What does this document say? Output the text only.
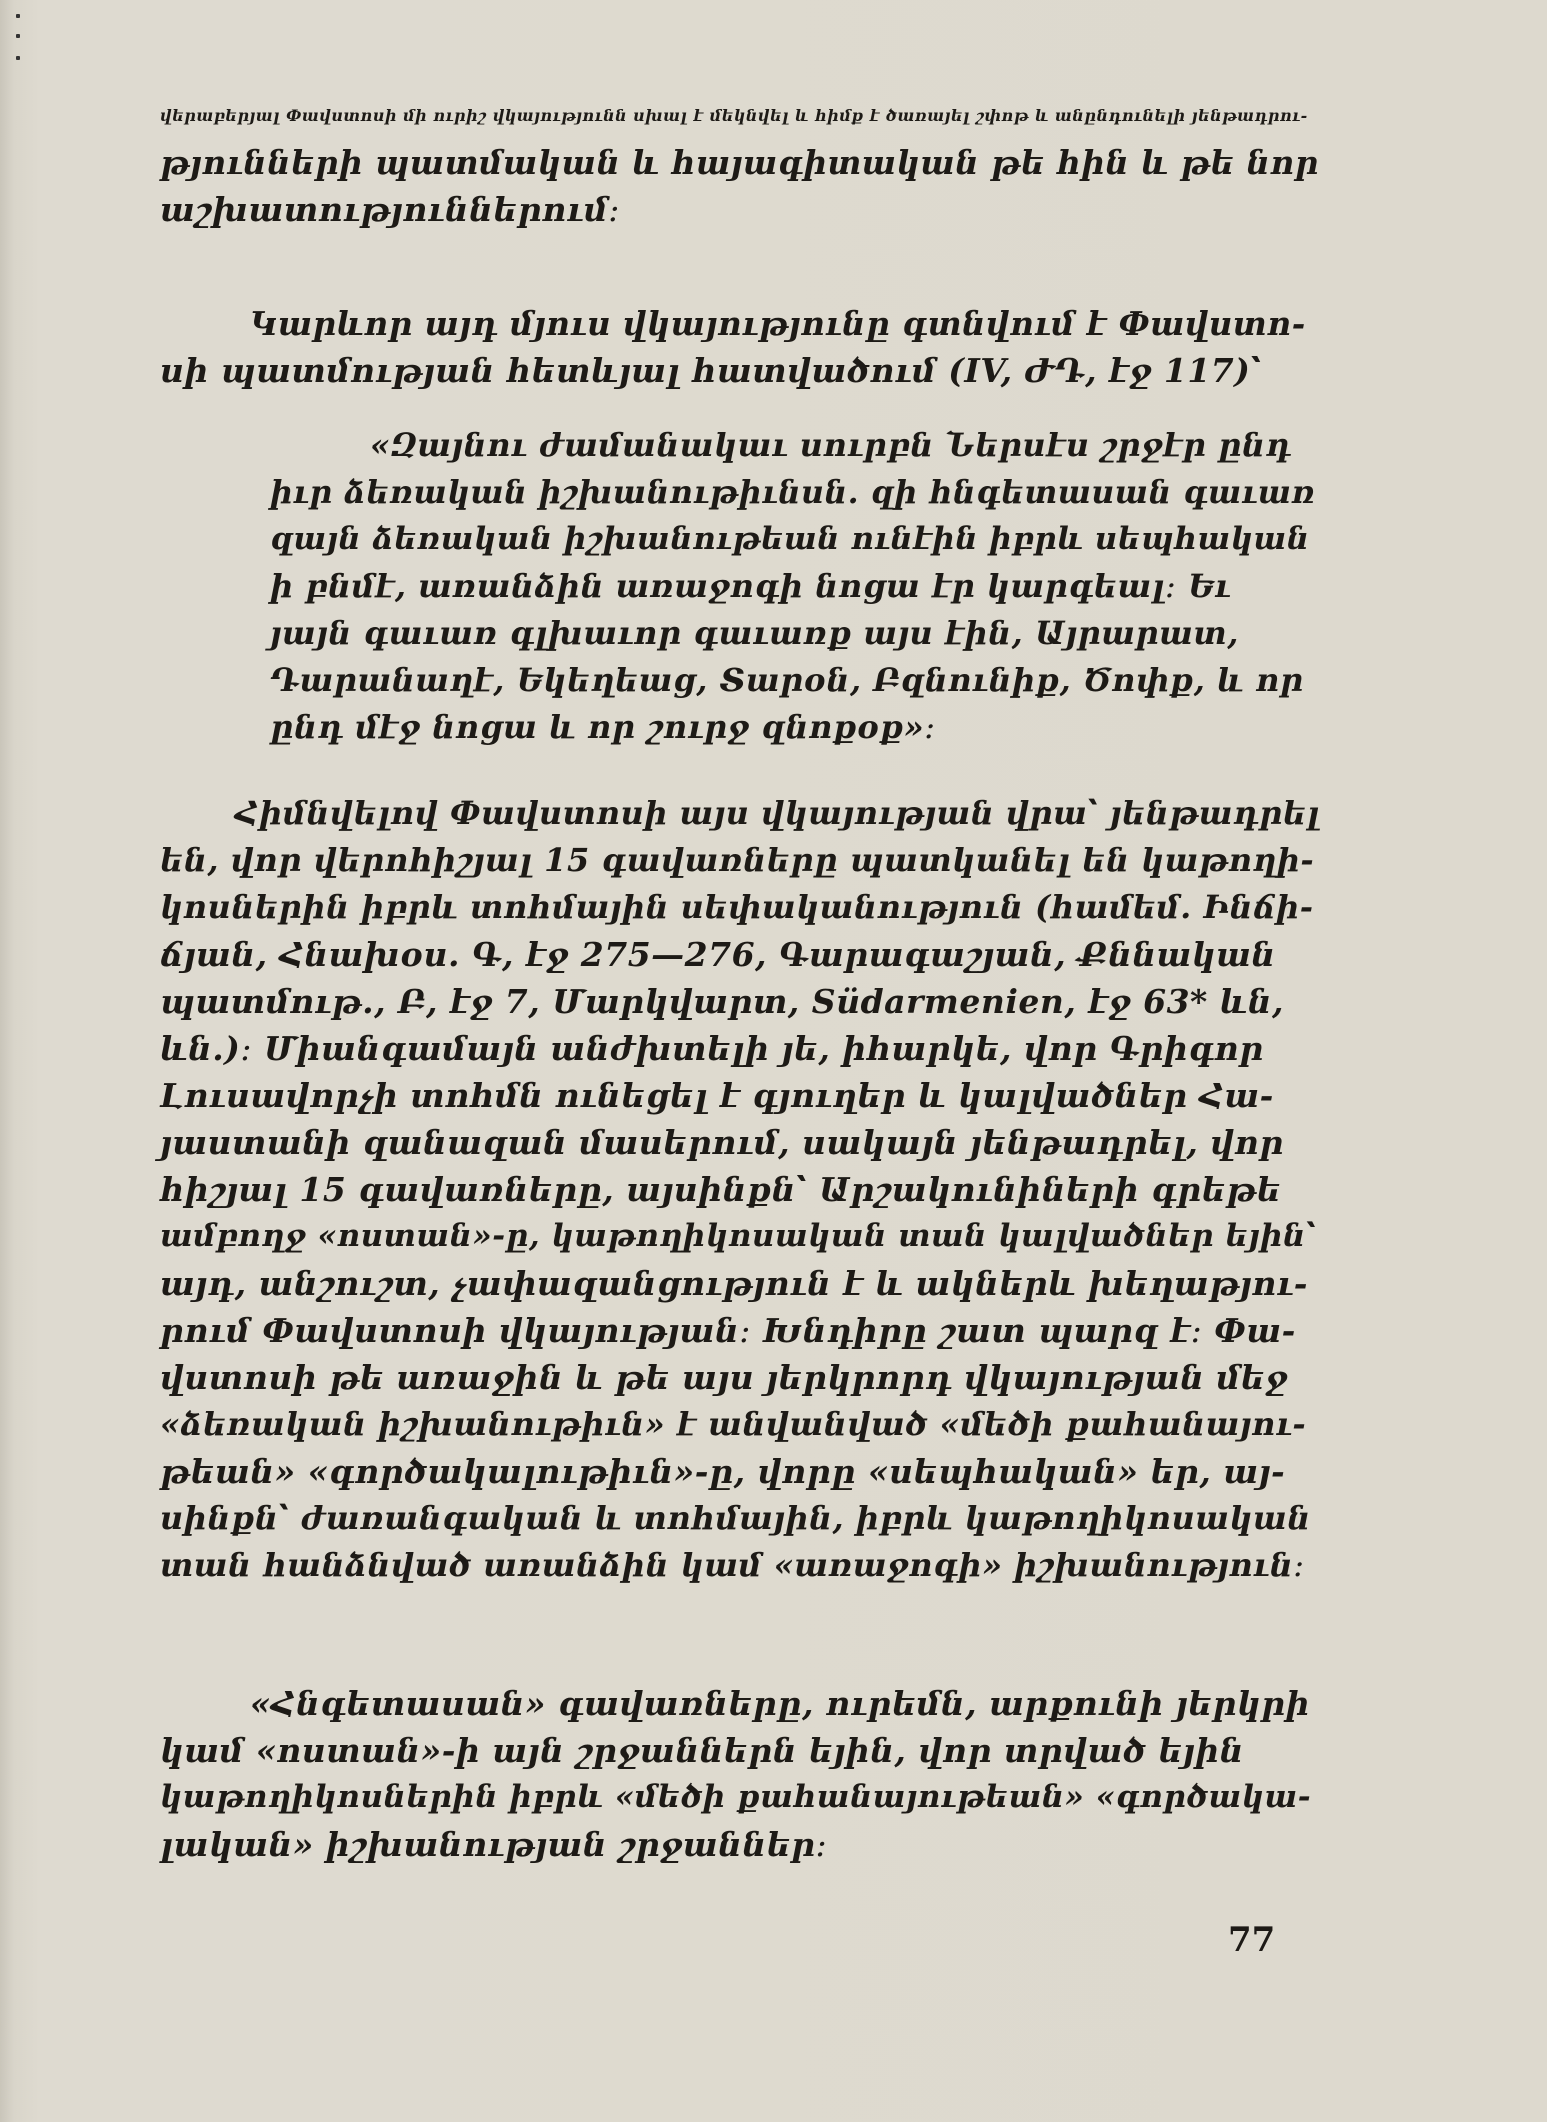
վերաբերյալ Փավստոսի մի ուրիշ վկայությունն սխալ է մեկնվել և հիմք է ծառայել շփոթ և անընդունելի յենթադրու-
թյունների պատմական և հայագիտական թե հին և թե նոր
աշխատություններում։
Կարևոր այդ մյուս վկայությունը գտնվում է Փավստո-
սի պատմության հետևյալ հատվածում (IV, ԺԴ, էջ 117)՝
«Զայնու ժամանակաւ սուրբն Ներսէս շրջէր ընդ
իւր ձեռական իշխանութիւնսն. զի հնգետասան գաւառ
զայն ձեռական իշխանութեան ունէին իբրև սեպհական
ի բնմէ, առանձին առաջոգի նոցա էր կարգեալ։ Եւ
յայն գաւառ գլխաւոր գաւառք այս էին, Այրարատ,
Դարանաղէ, Եկեղեաց, Տարօն, Բզնունիք, Ծոփք, և որ
ընդ մէջ նոցա և որ շուրջ զնոքօք»։
Հիմնվելով Փավստոսի այս վկայության վրա՝ յենթադրել
են, վոր վերոհիշյալ 15 գավառները պատկանել են կաթողի-
կոսներին իբրև տոհմային սեփականություն (համեմ. Ինճի-
ճյան, Հնախօս. Գ, էջ 275—276, Գարագաշյան, Քննական
պատմութ., Բ, էջ 7, Մարկվարտ, Südarmenien, էջ 63* ևն,
ևն.)։ Միանգամայն անժխտելի յե, իհարկե, վոր Գրիգոր
Լուսավորչի տոհմն ունեցել է գյուղեր և կալվածներ Հա-
յաստանի զանազան մասերում, սակայն յենթադրել, վոր
հիշյալ 15 գավառները, այսինքն՝ Արշակունիների գրեթե
ամբողջ «ոստան»-ը, կաթողիկոսական տան կալվածներ եյին՝
այդ, անշուշտ, չափազանցություն է և ակներև խեղաթյու-
րում Փավստոսի վկայության։ Խնդիրը շատ պարզ է։ Փա-
վստոսի թե առաջին և թե այս յերկրորդ վկայության մեջ
«ձեռական իշխանութիւն» է անվանված «մեծի քահանայու-
թեան» «գործակալութիւն»-ը, վորը «սեպհական» եր, այ-
սինքն՝ ժառանգական և տոհմային, իբրև կաթողիկոսական
տան հանձնված առանձին կամ «առաջոգի» իշխանություն։
«Հնգետասան» գավառները, ուրեմն, արքունի յերկրի
կամ «ոստան»-ի այն շրջաններն եյին, վոր տրված եյին
կաթողիկոսներին իբրև «մեծի քահանայութեան» «գործակա-
լական» իշխանության շրջաններ։
77
